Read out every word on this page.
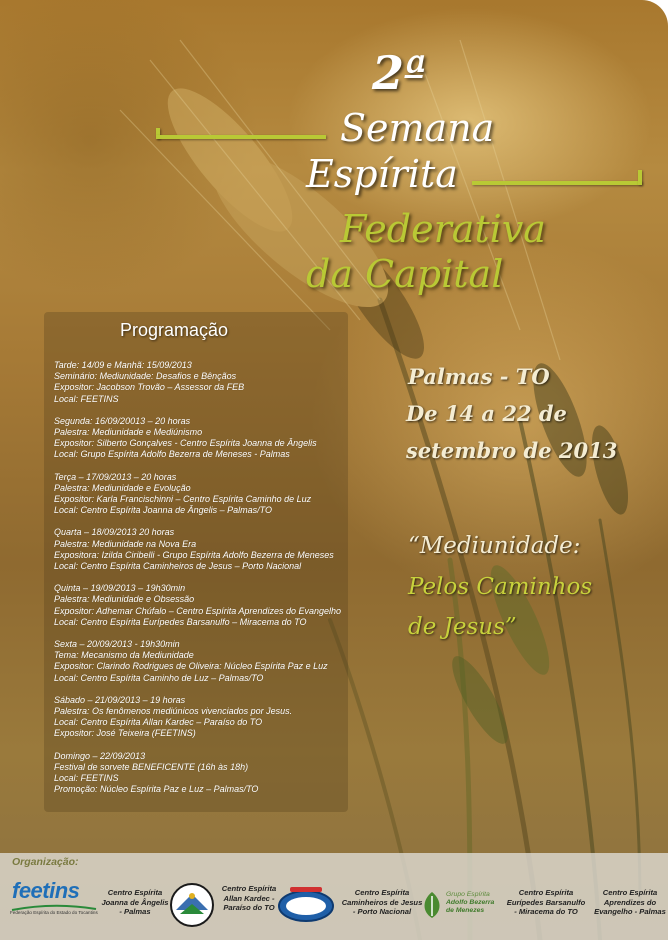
2ª

Semana

Espírita

Federativa

da Capital

Palmas - TO

De 14 a 22 de

setembro de 2013

“Mediunidade:

Pelos Caminhos

de Jesus”

Programação

Tarde: 14/09 e Manhã: 15/09/2013
Seminário: Mediunidade: Desafios e Bênçãos
Expositor: Jacobson Trovão – Assessor da FEB
Local: FEETINS
Segunda: 16/09/20013 – 20 horas
Palestra: Mediunidade e Mediúnismo
Expositor: Silberto Gonçalves - Centro Espírita Joanna de Ângelis
Local: Grupo Espírita Adolfo Bezerra de Meneses - Palmas
Terça – 17/09/2013 – 20 horas
Palestra: Mediunidade e Evolução
Expositor: Karla Francischinni – Centro Espírita Caminho de Luz
Local: Centro Espírita Joanna de Ângelis – Palmas/TO
Quarta – 18/09/2013 20 horas
Palestra: Mediunidade na Nova Era
Expositora: Izilda Ciribelli - Grupo Espírita Adolfo Bezerra de Meneses
Local: Centro Espírita Caminheiros de Jesus – Porto Nacional
Quinta – 19/09/2013 – 19h30min
Palestra: Mediunidade e Obsessão
Expositor: Adhemar Chúfalo – Centro Espírita Aprendizes do Evangelho
Local: Centro Espírita Eurípedes Barsanulfo – Miracema do TO
Sexta – 20/09/2013 - 19h30min
Tema: Mecanismo da Mediunidade
Expositor: Clarindo Rodrigues de Oliveira: Núcleo Espírita Paz e Luz
Local: Centro Espírita Caminho de Luz – Palmas/TO
Sábado – 21/09/2013 – 19 horas
Palestra: Os fenômenos mediúnicos vivenciados por Jesus.
Local: Centro Espírita Allan Kardec – Paraíso do TO
Expositor: José Teixeira (FEETINS)
Domingo – 22/09/2013
Festival de sorvete BENEFICENTE (16h às 18h)
Local: FEETINS
Promoção: Núcleo Espírita Paz e Luz – Palmas/TO

Organização:

feetins

Federação Espírita do Estado do Tocantins

Centro Espírita
Joanna de Ângelis
- Palmas
Centro Espírita
Allan Kardec -
Paraíso do TO
Centro Espírita
Caminheiros de Jesus
- Porto Nacional

Grupo Espírita

Adolfo Bezerra

de Menezes

Centro Espírita
Eurípedes Barsanulfo
- Miracema do TO
Centro Espírita
Aprendizes do
Evangelho - Palmas
